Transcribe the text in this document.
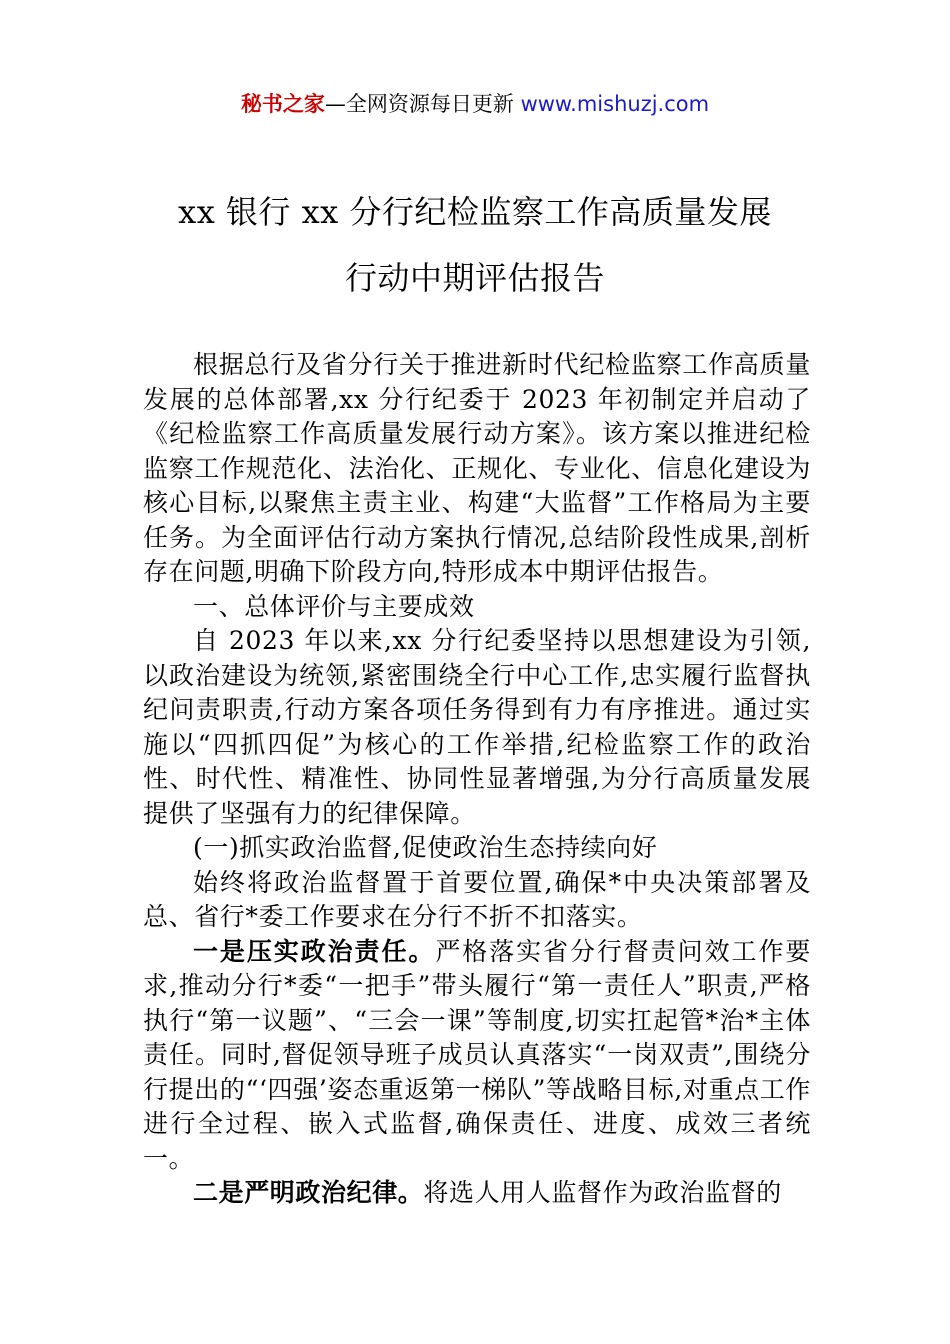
秘书之家—全网资源每日更新 www.mishuzj.com
xx 银行 xx 分行纪检监察工作高质量发展
行动中期评估报告

根据总行及省分行关于推进新时代纪检监察工作高质量发展的总体部署,xx 分行纪委于 2023 年初制定并启动了《纪检监察工作高质量发展行动方案》。该方案以推进纪检监察工作规范化、法治化、正规化、专业化、信息化建设为核心目标,以聚焦主责主业、构建“大监督”工作格局为主要任务。为全面评估行动方案执行情况,总结阶段性成果,剖析存在问题,明确下阶段方向,特形成本中期评估报告。

一、总体评价与主要成效

自 2023 年以来,xx 分行纪委坚持以思想建设为引领,以政治建设为统领,紧密围绕全行中心工作,忠实履行监督执纪问责职责,行动方案各项任务得到有力有序推进。通过实施以“四抓四促”为核心的工作举措,纪检监察工作的政治性、时代性、精准性、协同性显著增强,为分行高质量发展提供了坚强有力的纪律保障。

(一)抓实政治监督,促使政治生态持续向好

始终将政治监督置于首要位置,确保*中央决策部署及总、省行*委工作要求在分行不折不扣落实。

一是压实政治责任。严格落实省分行督责问效工作要求,推动分行*委“一把手”带头履行“第一责任人”职责,严格执行“第一议题”、“三会一课”等制度,切实扛起管*治*主体责任。同时,督促领导班子成员认真落实“一岗双责”,围绕分行提出的“‘四强’姿态重返第一梯队”等战略目标,对重点工作进行全过程、嵌入式监督,确保责任、进度、成效三者统一。

二是严明政治纪律。将选人用人监督作为政治监督的
